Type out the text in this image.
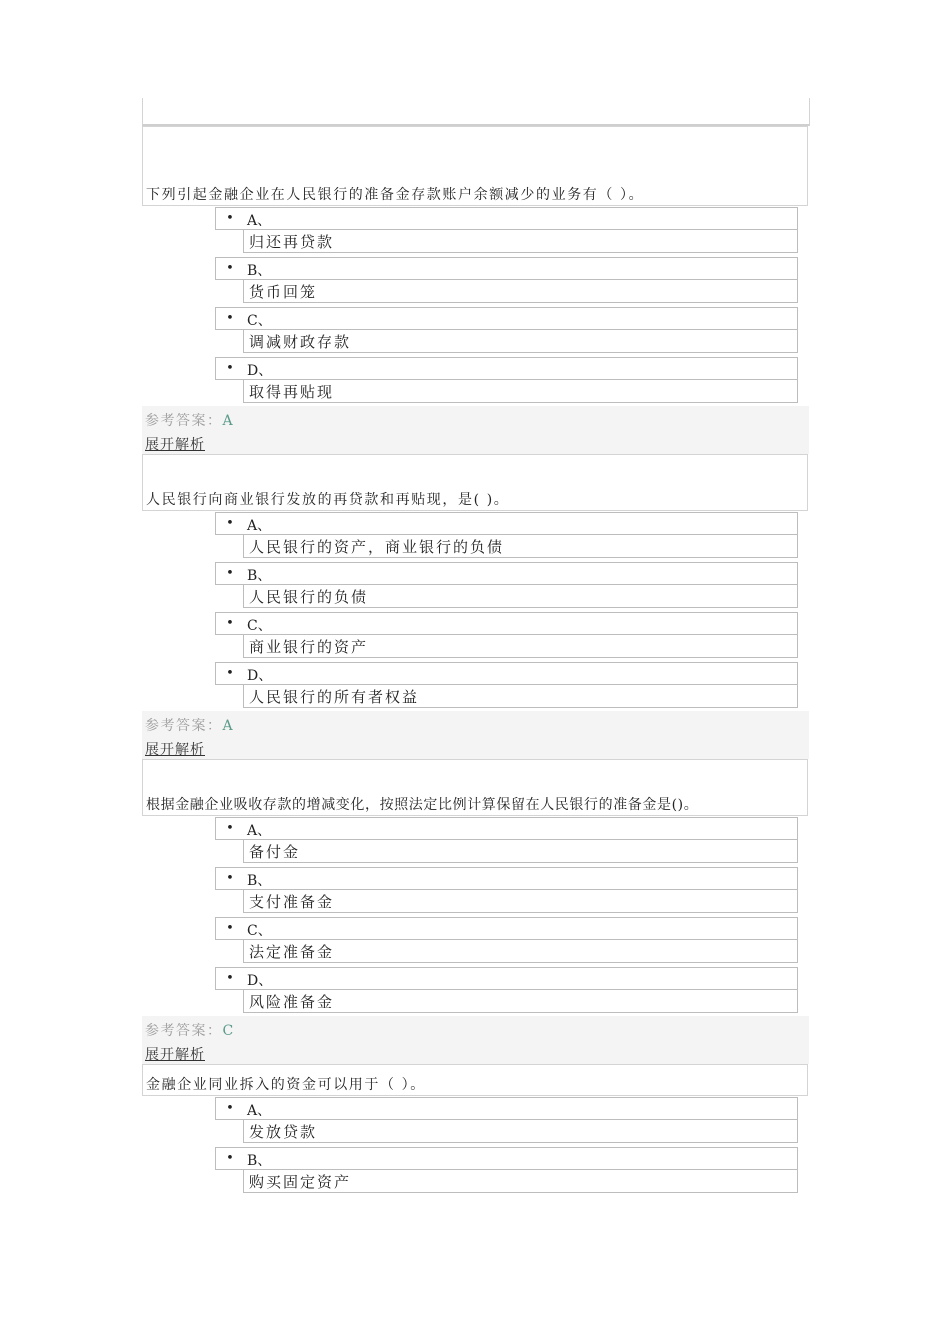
下列引起金融企业在人民银行的准备金存款账户余额减少的业务有（ ）。
• A、
归还再贷款
• B、
货币回笼
• C、
调减财政存款
• D、
取得再贴现
参考答案：A
展开解析
人民银行向商业银行发放的再贷款和再贴现，是( )。
• A、
人民银行的资产，商业银行的负债
• B、
人民银行的负债
• C、
商业银行的资产
• D、
人民银行的所有者权益
参考答案：A
展开解析
根据金融企业吸收存款的增减变化，按照法定比例计算保留在人民银行的准备金是()。
• A、
备付金
• B、
支付准备金
• C、
法定准备金
• D、
风险准备金
参考答案：C
展开解析
金融企业同业拆入的资金可以用于（ ）。
• A、
发放贷款
• B、
购买固定资产
